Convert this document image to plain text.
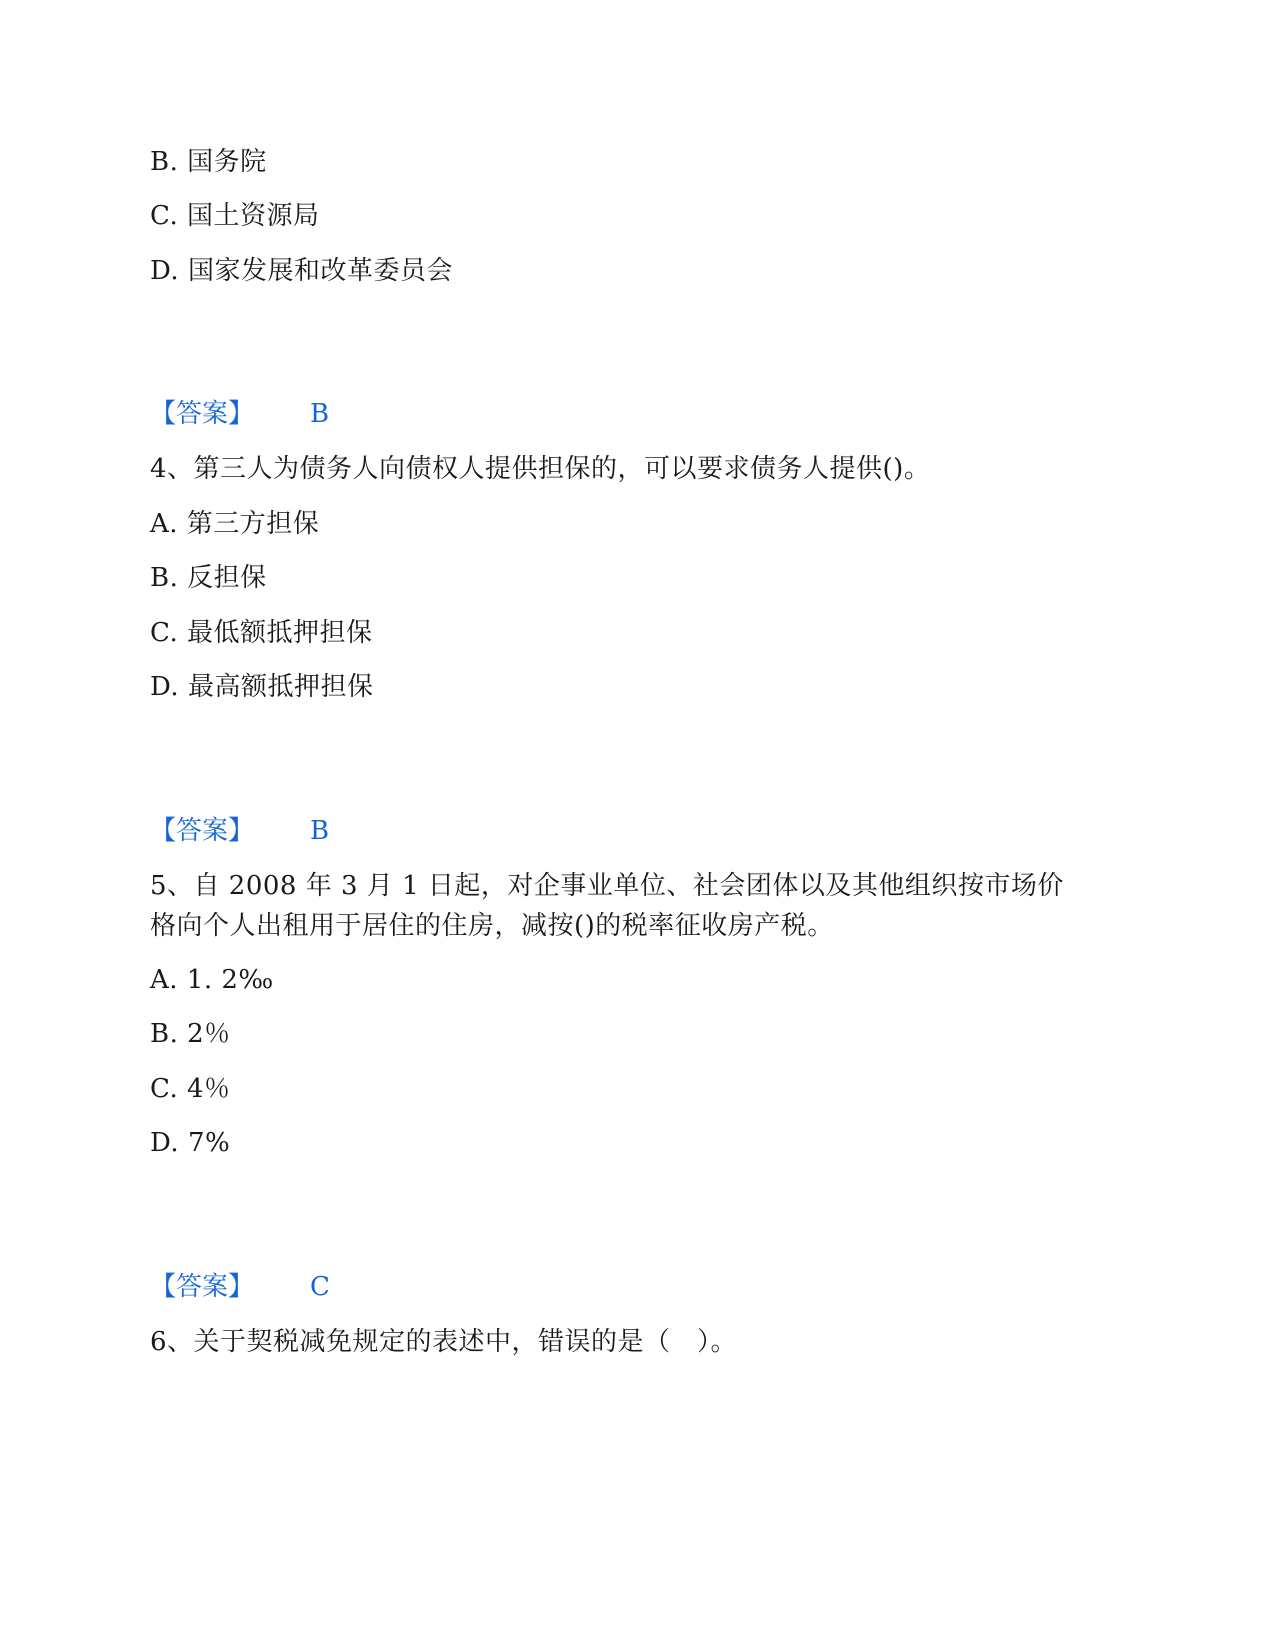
B. 国务院
C. 国土资源局
D. 国家发展和改革委员会
【答案】 B
4、第三人为债务人向债权人提供担保的，可以要求债务人提供()。
A. 第三方担保
B. 反担保
C. 最低额抵押担保
D. 最高额抵押担保
【答案】 B
5、自 2008 年 3 月 1 日起，对企事业单位、社会团体以及其他组织按市场价
格向个人出租用于居住的住房，减按()的税率征收房产税。
A. 1. 2‰
B. 2％
C. 4％
D. 7%
【答案】 C
6、关于契税减免规定的表述中，错误的是（　）。
